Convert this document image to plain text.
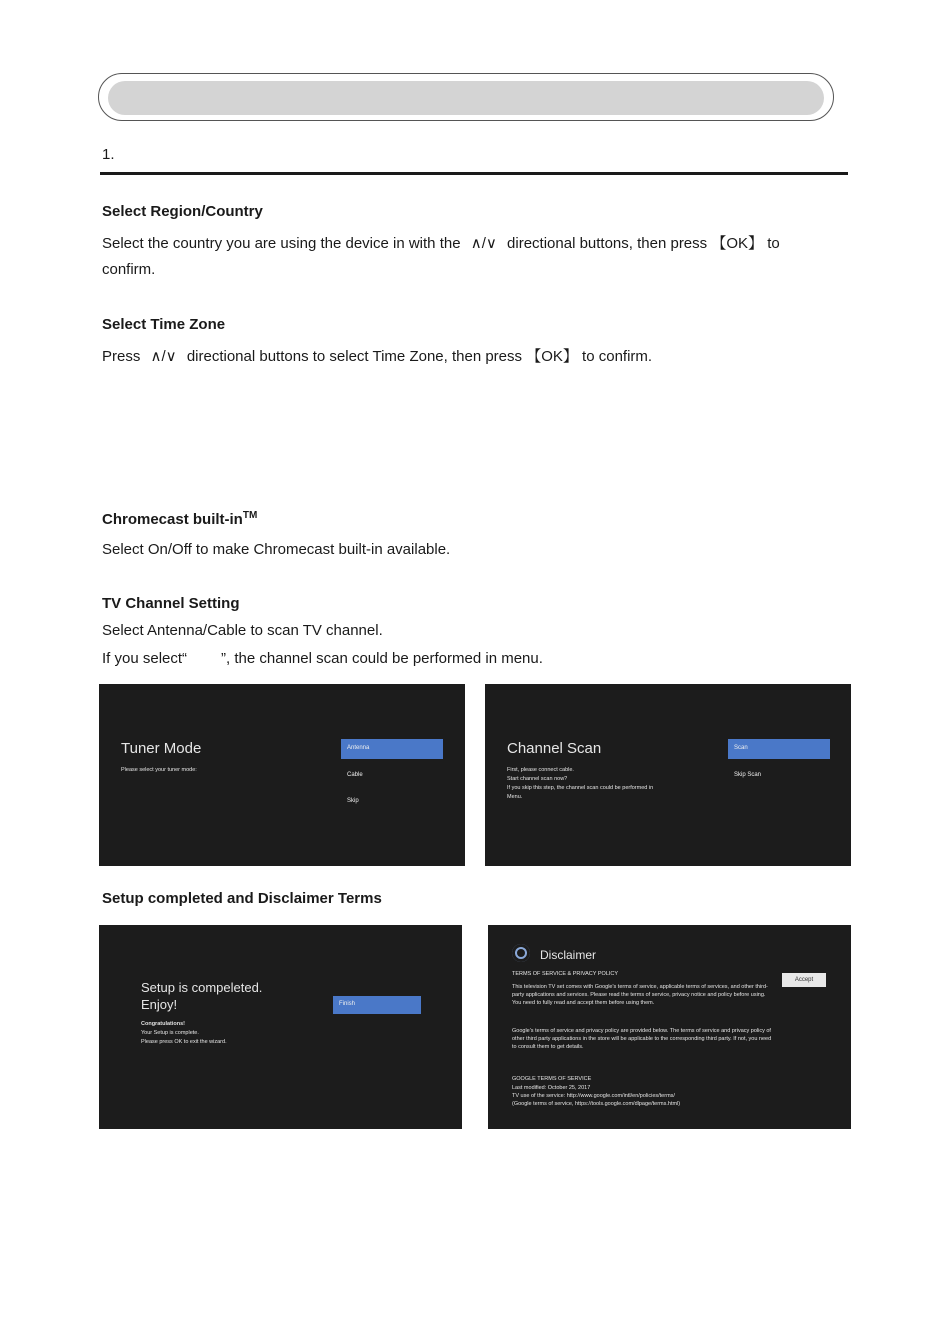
1.
Select Region/Country
Select the country you are using the device in with the ∧/∨ directional buttons, then press 【OK】 to
confirm.
Select Time Zone
Press ∧/∨ directional buttons to select Time Zone, then press 【OK】 to confirm.
Chromecast built-in™
Select On/Off to make Chromecast built-in available.
TV Channel Setting
Select Antenna/Cable to scan TV channel.
If you select“ ”, the channel scan could be performed in menu.
Tuner Mode
Please select your tuner mode:
Antenna
Cable
Skip
Channel Scan
First, please connect cable.
Start channel scan now?
If you skip this step, the channel scan could be performed in
Menu.
Scan
Skip Scan
Setup completed and Disclaimer Terms
Setup is compeleted.
Enjoy!
Congratulations!
Your Setup is complete.
Please press OK to exit the wizard.
Finish
Disclaimer
TERMS OF SERVICE & PRIVACY POLICY
This television TV set comes with Google's terms of service, applicable terms of services, and other third-party applications and services. Please read the terms of service, privacy notice and policy before using. You need to fully read and accept them before using them.
Google's terms of service and privacy policy are provided below. The terms of service and privacy policy of other third party applications in the store will be applicable to the corresponding third party. If not, you need to consult them to get details.
GOOGLE TERMS OF SERVICE
Last modified: October 25, 2017
TV use of the service: http://www.google.com/intl/en/policies/terms/
(Google terms of service, https://tools.google.com/dlpage/terms.html)
Accept
